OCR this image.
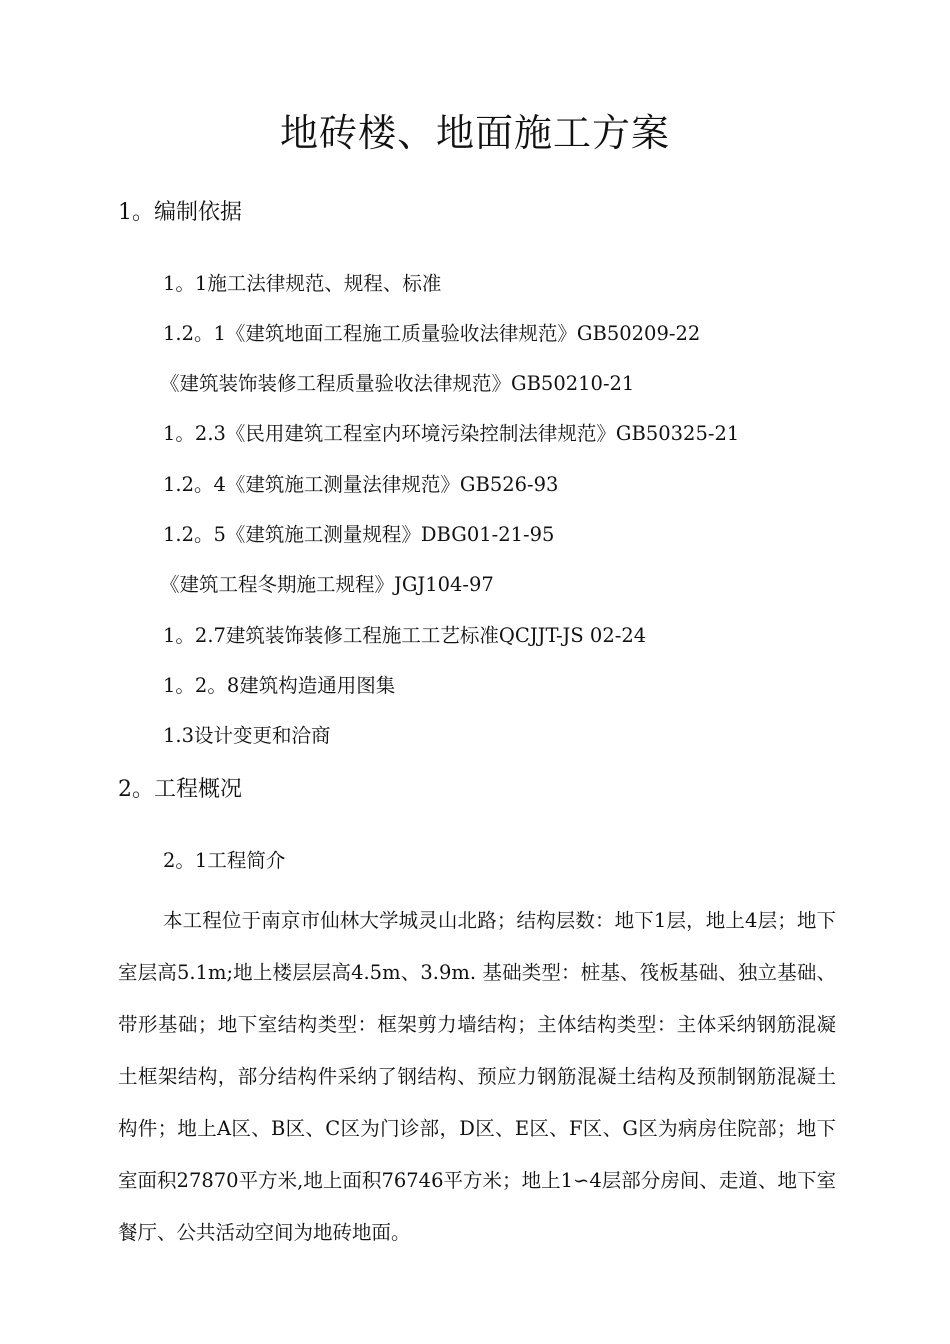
地砖楼、地面施工方案
1。编制依据
1。1施工法律规范、规程、标准
1.2。1《建筑地面工程施工质量验收法律规范》GB50209-22
《建筑装饰装修工程质量验收法律规范》GB50210-21
1。2.3《民用建筑工程室内环境污染控制法律规范》GB50325-21
1.2。4《建筑施工测量法律规范》GB526-93
1.2。5《建筑施工测量规程》DBG01-21-95
《建筑工程冬期施工规程》JGJ104-97
1。2.7建筑装饰装修工程施工工艺标准QCJJT-JS 02-24
1。2。8建筑构造通用图集
1.3设计变更和洽商
2。工程概况
2。1工程简介
本工程位于南京市仙林大学城灵山北路；结构层数：地下1层，地上4层；地下室层高5.1m;地上楼层层高4.5m、3.9m. 基础类型：桩基、筏板基础、独立基础、带形基础；地下室结构类型：框架剪力墙结构；主体结构类型：主体采纳钢筋混凝土框架结构，部分结构件采纳了钢结构、预应力钢筋混凝土结构及预制钢筋混凝土构件；地上A区、B区、C区为门诊部，D区、E区、F区、G区为病房住院部；地下室面积27870平方米,地上面积76746平方米；地上1∽4层部分房间、走道、地下室餐厅、公共活动空间为地砖地面。
